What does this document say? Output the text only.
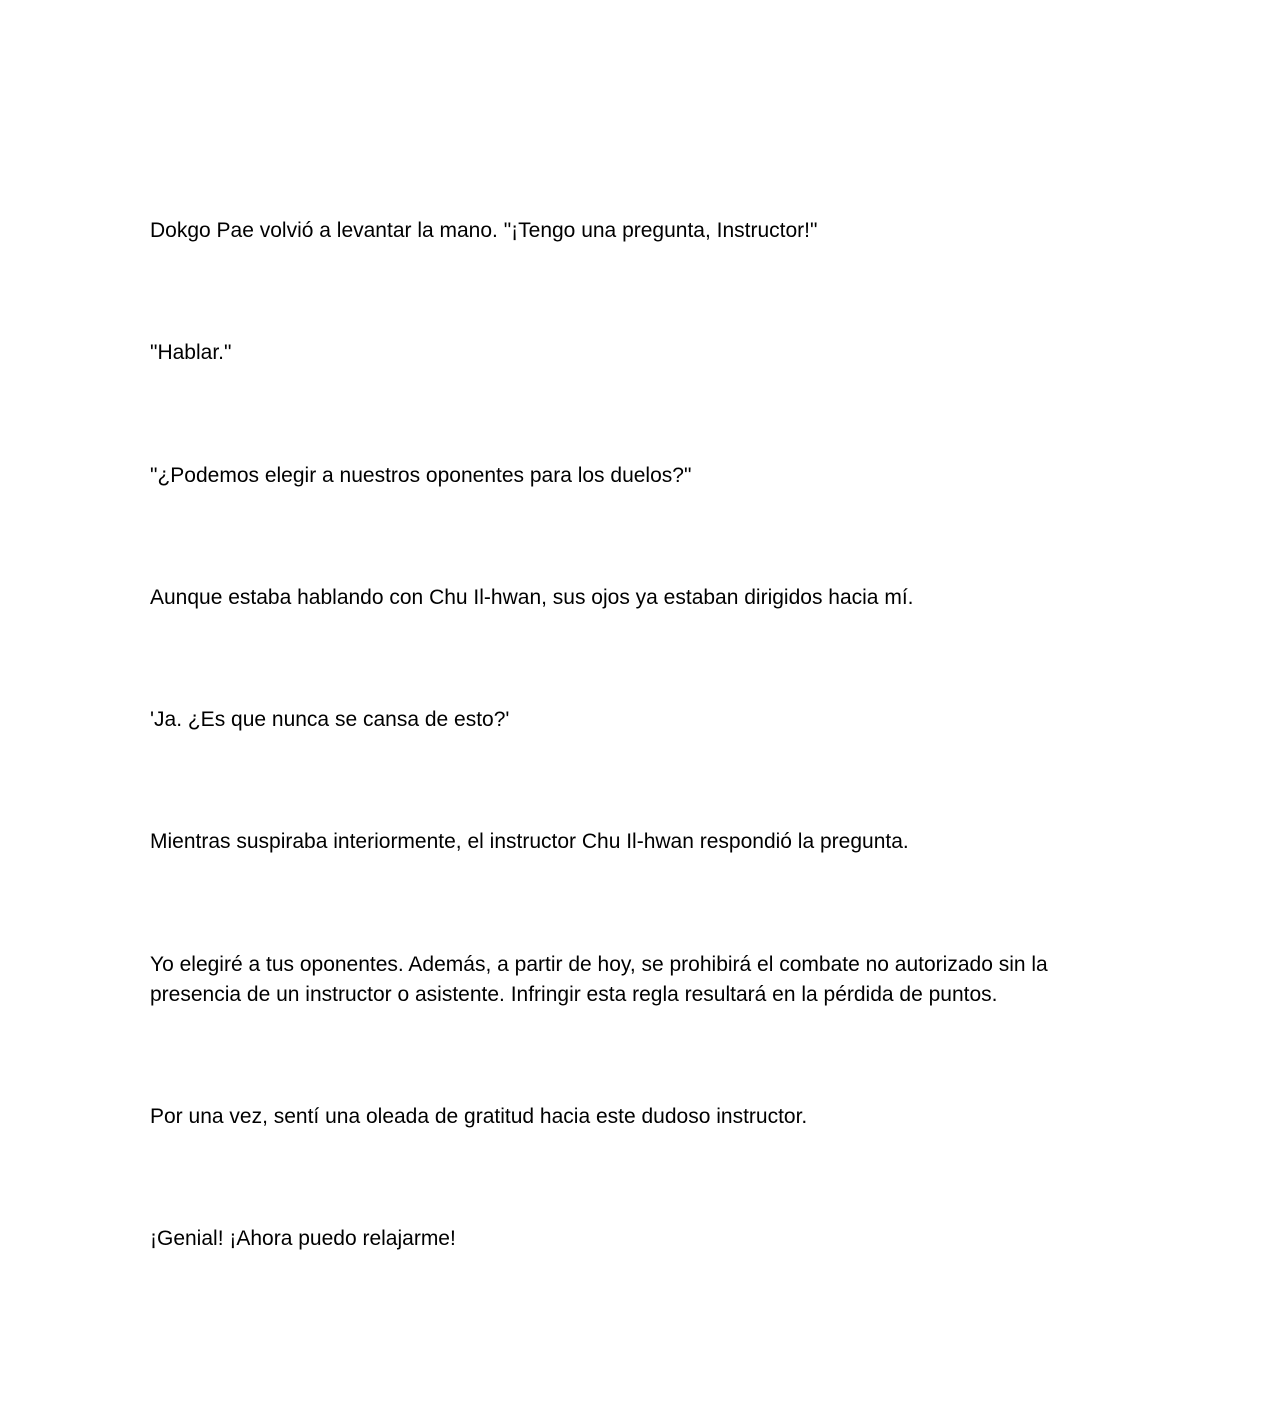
Dokgo Pae volvió a levantar la mano. "¡Tengo una pregunta, Instructor!"

"Hablar."

"¿Podemos elegir a nuestros oponentes para los duelos?"

Aunque estaba hablando con Chu Il-hwan, sus ojos ya estaban dirigidos hacia mí.

'Ja. ¿Es que nunca se cansa de esto?'

Mientras suspiraba interiormente, el instructor Chu Il-hwan respondió la pregunta.

Yo elegiré a tus oponentes. Además, a partir de hoy, se prohibirá el combate no autorizado sin la presencia de un instructor o asistente. Infringir esta regla resultará en la pérdida de puntos.

Por una vez, sentí una oleada de gratitud hacia este dudoso instructor.

¡Genial! ¡Ahora puedo relajarme!
